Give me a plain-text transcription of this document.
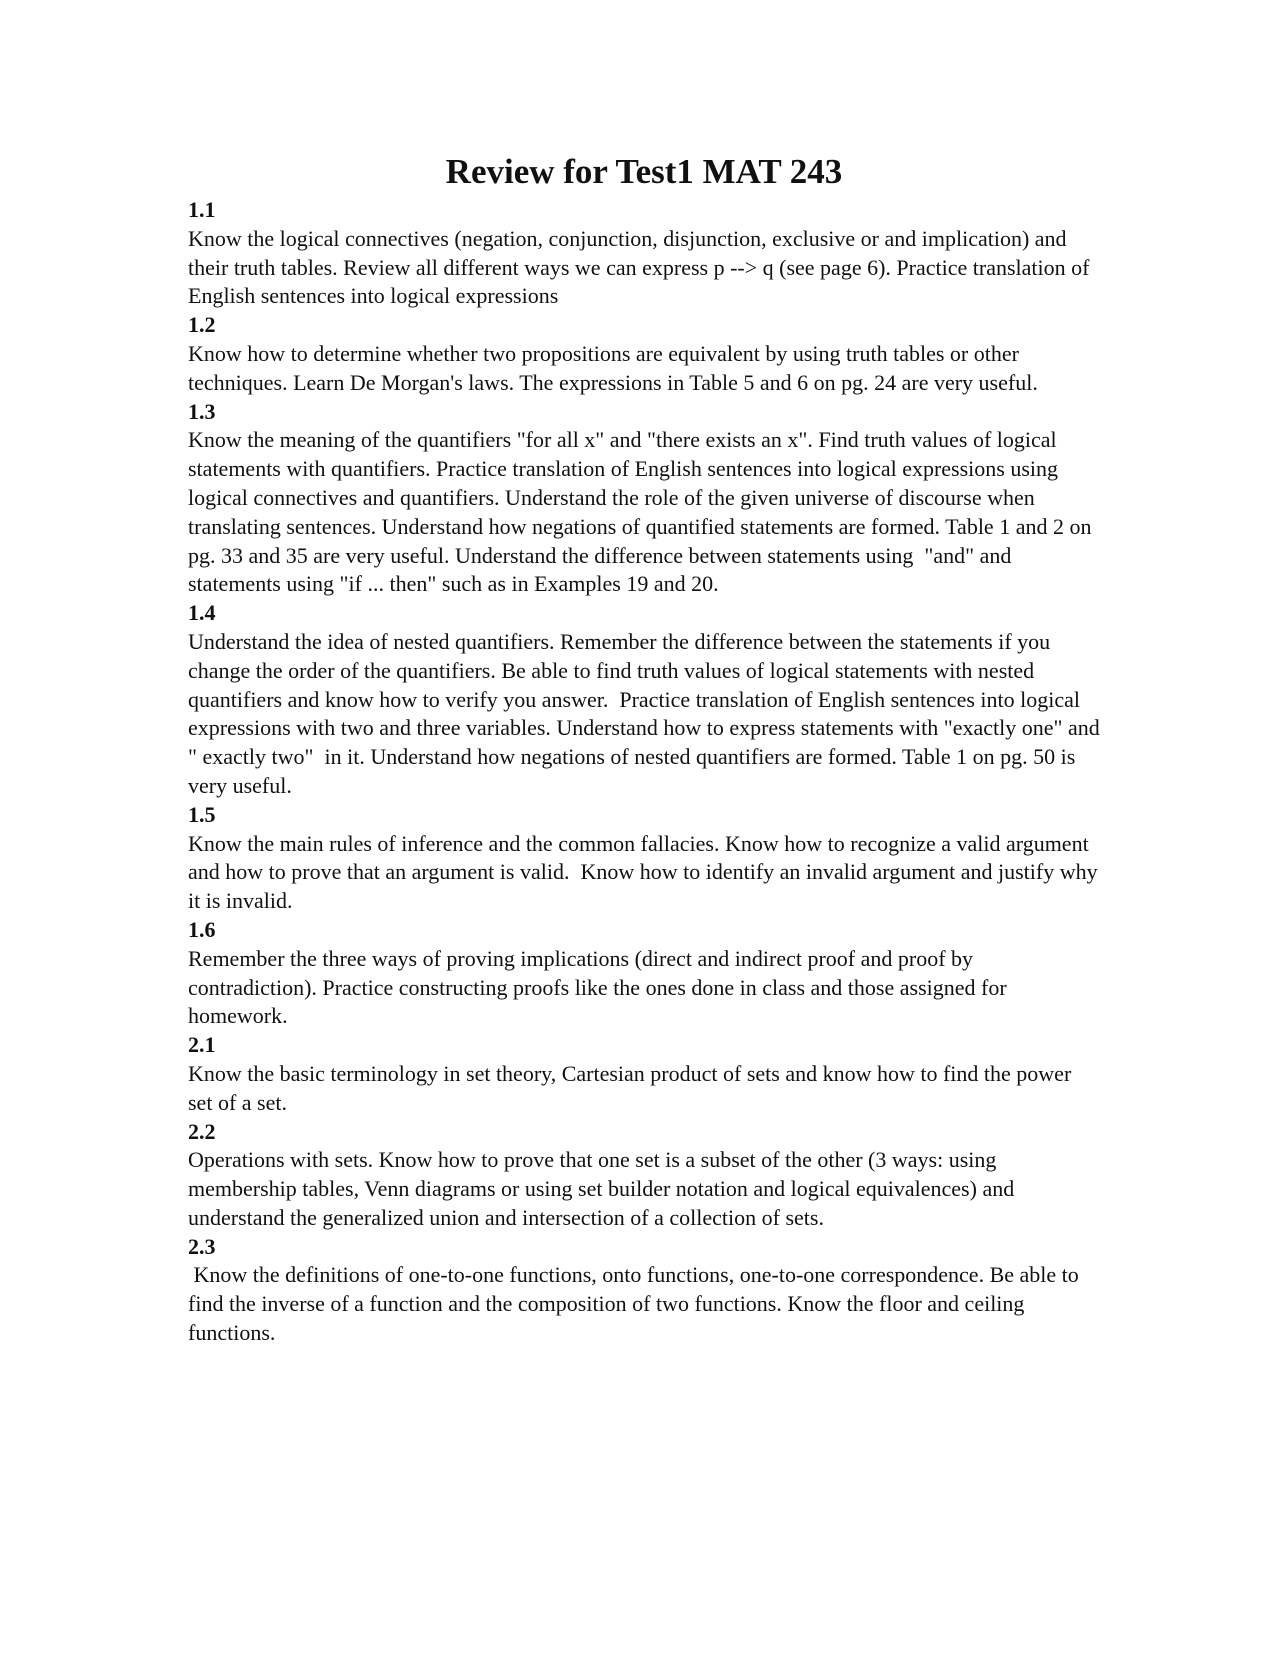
Review for Test1 MAT 243

1.1

Know the logical connectives (negation, conjunction, disjunction, exclusive or and implication) and their truth tables. Review all different ways we can express p --> q (see page 6). Practice translation of English sentences into logical expressions

1.2

Know how to determine whether two propositions are equivalent by using truth tables or other techniques. Learn De Morgan's laws. The expressions in Table 5 and 6 on pg. 24 are very useful.

1.3

Know the meaning of the quantifiers "for all x" and "there exists an x". Find truth values of logical statements with quantifiers. Practice translation of English sentences into logical expressions using logical connectives and quantifiers. Understand the role of the given universe of discourse when translating sentences. Understand how negations of quantified statements are formed. Table 1 and 2 on pg. 33 and 35 are very useful. Understand the difference between statements using  "and" and statements using "if ... then" such as in Examples 19 and 20.

1.4

Understand the idea of nested quantifiers. Remember the difference between the statements if you change the order of the quantifiers. Be able to find truth values of logical statements with nested quantifiers and know how to verify you answer.  Practice translation of English sentences into logical expressions with two and three variables. Understand how to express statements with "exactly one" and " exactly two"  in it. Understand how negations of nested quantifiers are formed. Table 1 on pg. 50 is very useful.

1.5

Know the main rules of inference and the common fallacies. Know how to recognize a valid argument and how to prove that an argument is valid.  Know how to identify an invalid argument and justify why it is invalid.

1.6

Remember the three ways of proving implications (direct and indirect proof and proof by contradiction). Practice constructing proofs like the ones done in class and those assigned for homework.

2.1

Know the basic terminology in set theory, Cartesian product of sets and know how to find the power set of a set.

2.2

Operations with sets. Know how to prove that one set is a subset of the other (3 ways: using membership tables, Venn diagrams or using set builder notation and logical equivalences) and understand the generalized union and intersection of a collection of sets.

2.3

Know the definitions of one-to-one functions, onto functions, one-to-one correspondence. Be able to find the inverse of a function and the composition of two functions. Know the floor and ceiling functions.
